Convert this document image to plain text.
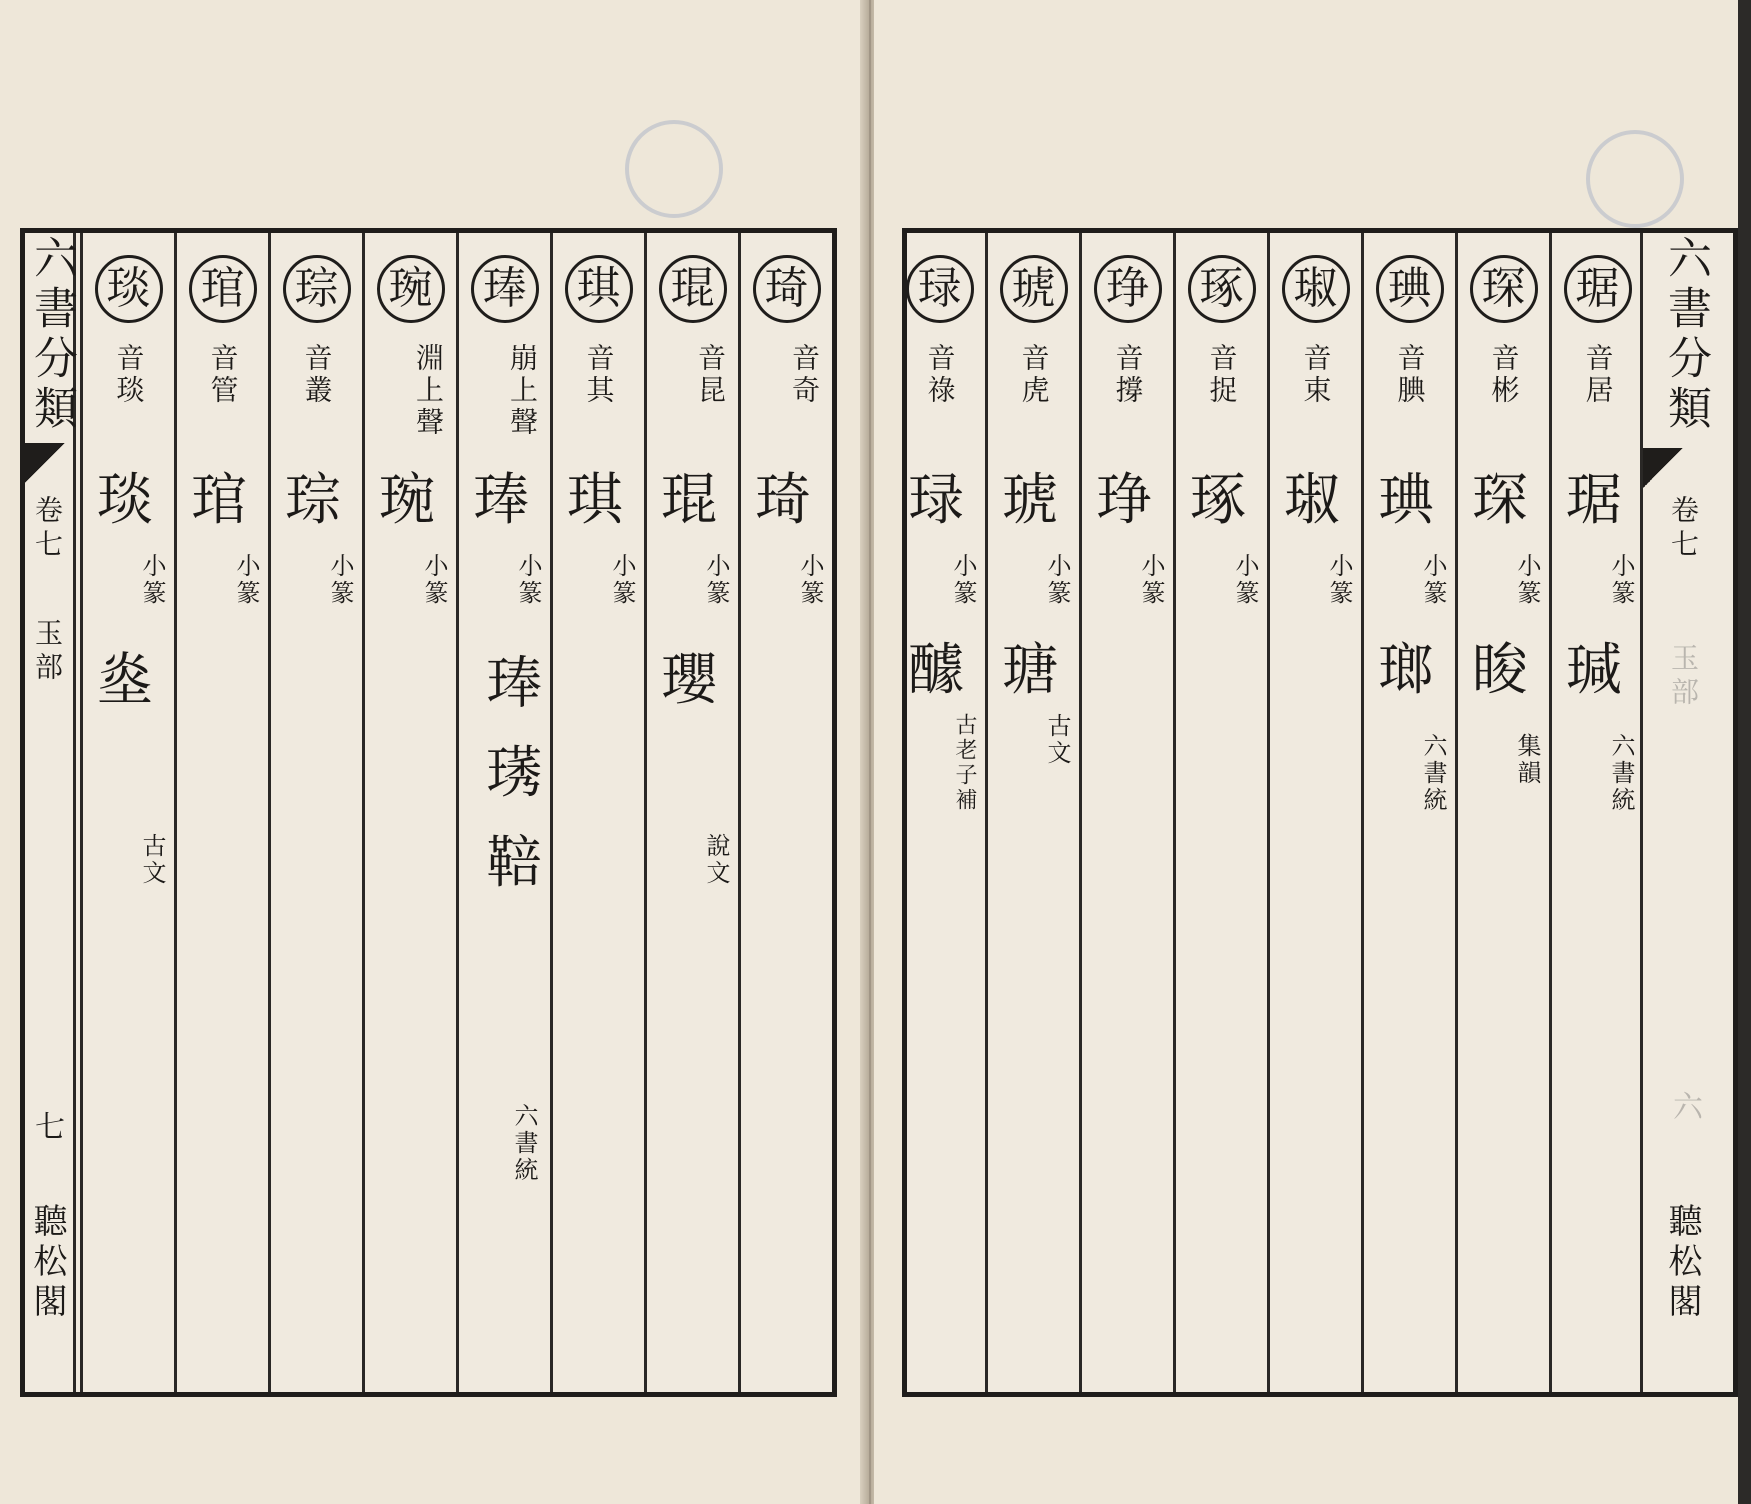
六書分類
卷七
玉部
七
聽松閣
琦
音奇
琦
小篆
琨
音昆
琨
小篆
瓔
說文
琪
音其
琪
小篆
琫
崩上聲
琫
小篆
琫 璓 鞛
六書統
琬
淵上聲
琬
小篆
琮
音叢
琮
小篆
琯
音管
琯
小篆
琰
音琰
琰
小篆
烾
古文
六書分類
卷七
玉部
六
聽松閣
琚
音居
琚
小篆
瑊
六書統
琛
音彬
琛
小篆
睃
集韻
琠
音腆
琠
小篆
瑯
六書統
琡
音束
琡
小篆
琢
音捉
琢
小篆
琤
音撐
琤
小篆
琥
音虎
琥
小篆
瑭
古文
琭
音祿
琭
小篆
醵
古老子補
